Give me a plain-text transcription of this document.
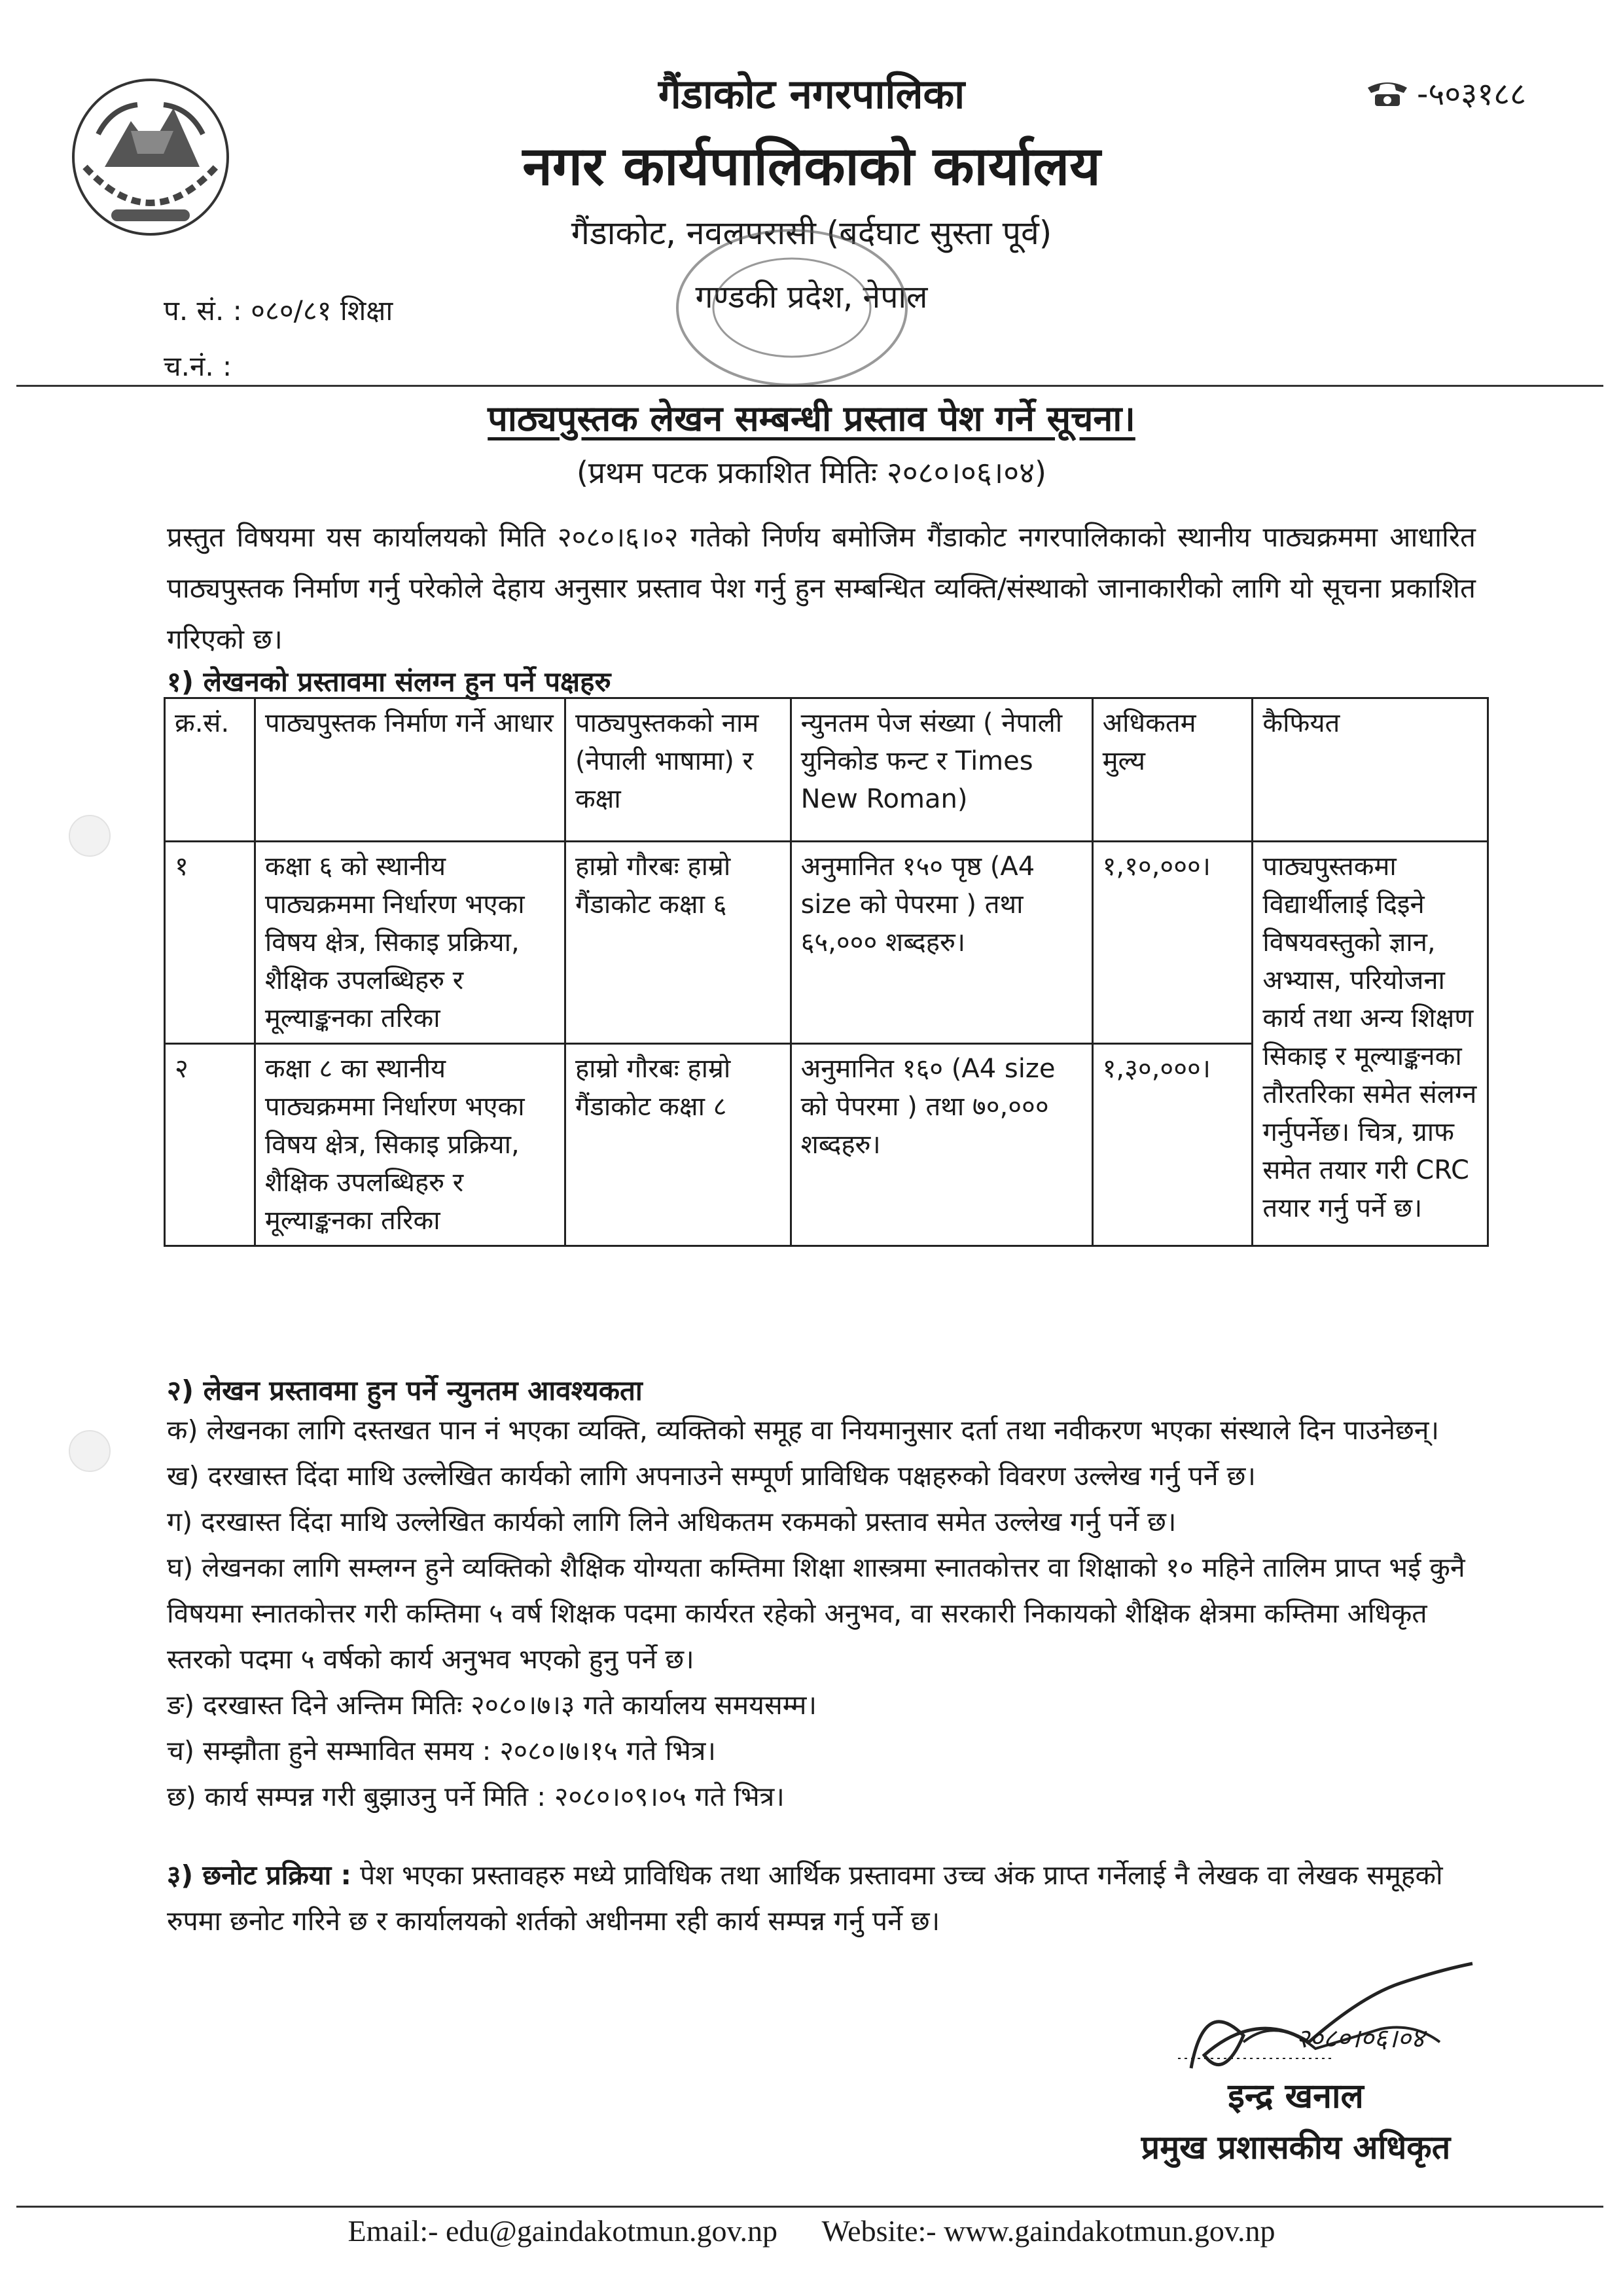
गैंडाकोट नगरपालिका
नगर कार्यपालिकाको कार्यालय
गैंडाकोट, नवलपरासी (बर्दघाट सुस्ता पूर्व)
गण्डकी प्रदेश, नेपाल
-५०३१८८
प. सं. : ०८०/८१ शिक्षा
च.नं. :
पाठ्यपुस्तक लेखन सम्बन्धी प्रस्ताव पेश गर्ने सूचना।
(प्रथम पटक प्रकाशित मितिः २०८०।०६।०४)
प्रस्तुत विषयमा यस कार्यालयको मिति २०८०।६।०२ गतेको निर्णय बमोजिम गैंडाकोट नगरपालिकाको स्थानीय पाठ्यक्रममा आधारित पाठ्यपुस्तक निर्माण गर्नु परेकोले देहाय अनुसार प्रस्ताव पेश गर्नु हुन सम्बन्धित व्यक्ति/संस्थाको जानाकारीको लागि यो सूचना प्रकाशित गरिएको छ।
१) लेखनको प्रस्तावमा संलग्न हुन पर्ने पक्षहरु
क्र.सं.	पाठ्यपुस्तक निर्माण गर्ने आधार	पाठ्यपुस्तकको नाम (नेपाली भाषामा) र कक्षा	न्युनतम पेज संख्या ( नेपाली युनिकोड फन्ट र Times New Roman)	अधिकतम मुल्य	कैफियत
१	कक्षा ६ को स्थानीय पाठ्यक्रममा निर्धारण भएका विषय क्षेत्र, सिकाइ प्रक्रिया, शैक्षिक उपलब्धिहरु र मूल्याङ्कनका तरिका	हाम्रो गौरबः हाम्रो गैंडाकोट कक्षा ६	अनुमानित १५० पृष्ठ (A4 size को पेपरमा ) तथा ६५,००० शब्दहरु।	१,१०,०००।	पाठ्यपुस्तकमा विद्यार्थीलाई दिइने विषयवस्तुको ज्ञान, अभ्यास, परियोजना कार्य तथा अन्य शिक्षण सिकाइ र मूल्याङ्कनका तौरतरिका समेत संलग्न गर्नुपर्नेछ। चित्र, ग्राफ समेत तयार गरी CRC तयार गर्नु पर्ने छ।
२	कक्षा ८ का स्थानीय पाठ्यक्रममा निर्धारण भएका विषय क्षेत्र, सिकाइ प्रक्रिया, शैक्षिक उपलब्धिहरु र मूल्याङ्कनका तरिका	हाम्रो गौरबः हाम्रो गैंडाकोट कक्षा ८	अनुमानित १६० (A4 size को पेपरमा ) तथा ७०,००० शब्दहरु।	१,३०,०००।	
२) लेखन प्रस्तावमा हुन पर्ने न्युनतम आवश्यकता
क) लेखनका लागि दस्तखत पान नं भएका व्यक्ति, व्यक्तिको समूह वा नियमानुसार दर्ता तथा नवीकरण भएका संस्थाले दिन पाउनेछन्।
ख) दरखास्त दिंदा माथि उल्लेखित कार्यको लागि अपनाउने सम्पूर्ण प्राविधिक पक्षहरुको विवरण उल्लेख गर्नु पर्ने छ।
ग) दरखास्त दिंदा माथि उल्लेखित कार्यको लागि लिने अधिकतम रकमको प्रस्ताव समेत उल्लेख गर्नु पर्ने छ।
घ) लेखनका लागि सम्लग्न हुने व्यक्तिको शैक्षिक योग्यता कम्तिमा शिक्षा शास्त्रमा स्नातकोत्तर वा शिक्षाको १० महिने तालिम प्राप्त भई कुनै विषयमा स्नातकोत्तर गरी कम्तिमा ५ वर्ष शिक्षक पदमा कार्यरत रहेको अनुभव, वा सरकारी निकायको शैक्षिक क्षेत्रमा कम्तिमा अधिकृत स्तरको पदमा ५ वर्षको कार्य अनुभव भएको हुनु पर्ने छ।
ङ) दरखास्त दिने अन्तिम मितिः २०८०।७।३ गते कार्यालय समयसम्म।
च) सम्झौता हुने सम्भावित समय : २०८०।७।१५ गते भित्र।
छ) कार्य सम्पन्न गरी बुझाउनु पर्ने मिति : २०८०।०९।०५ गते भित्र।
३) छनोट प्रक्रिया : पेश भएका प्रस्तावहरु मध्ये प्राविधिक तथा आर्थिक प्रस्तावमा उच्च अंक प्राप्त गर्नेलाई नै लेखक वा लेखक समूहको रुपमा छनोट गरिने छ र कार्यालयको शर्तको अधीनमा रही कार्य सम्पन्न गर्नु पर्ने छ।
२०८०।०६।०४
इन्द्र खनाल
प्रमुख प्रशासकीय अधिकृत
Email:- edu@gaindakotmun.gov.np Website:- www.gaindakotmun.gov.np
